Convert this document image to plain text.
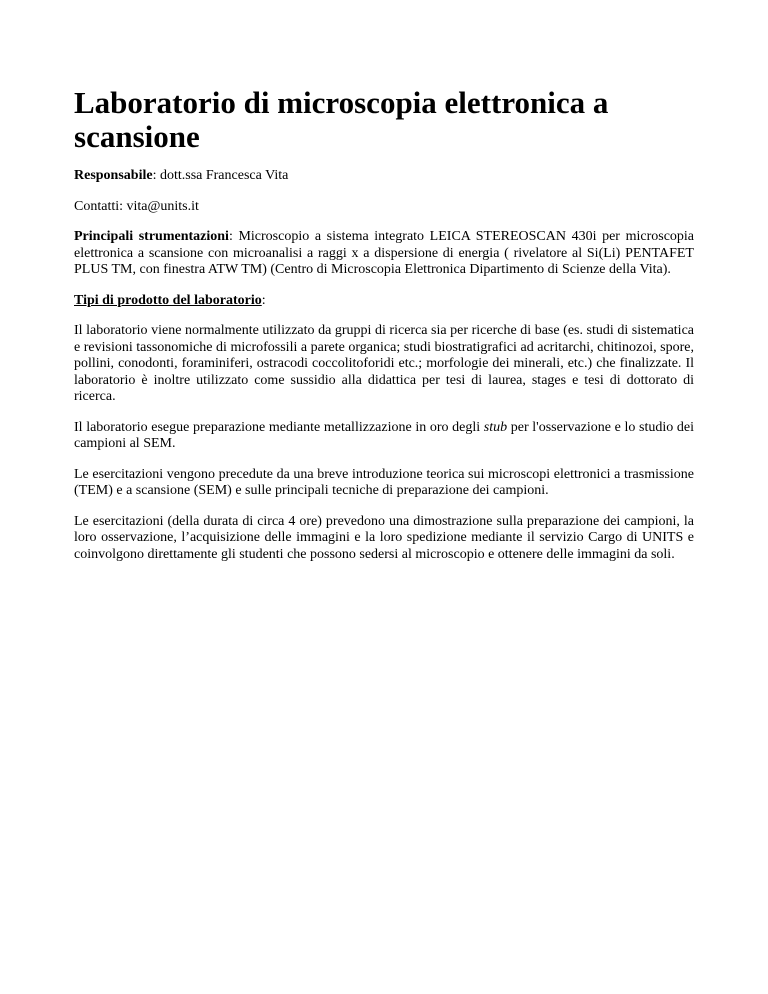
Laboratorio di microscopia elettronica a scansione

Responsabile: dott.ssa Francesca Vita

Contatti: vita@units.it

Principali strumentazioni: Microscopio a sistema integrato LEICA STEREOSCAN 430i per microscopia elettronica a scansione con microanalisi a raggi x a dispersione di energia ( rivelatore al Si(Li) PENTAFET PLUS TM, con finestra ATW TM) (Centro di Microscopia Elettronica Dipartimento di Scienze della Vita).

Tipi di prodotto del laboratorio:

Il laboratorio viene normalmente utilizzato da gruppi di ricerca sia per ricerche di base (es. studi di sistematica e revisioni tassonomiche di microfossili a parete organica; studi biostratigrafici ad acritarchi, chitinozoi, spore, pollini, conodonti, foraminiferi, ostracodi coccolitoforidi etc.; morfologie dei minerali, etc.) che finalizzate. Il laboratorio è inoltre utilizzato come sussidio alla didattica per tesi di laurea, stages e tesi di dottorato di ricerca.

Il laboratorio esegue preparazione mediante metallizzazione in oro degli stub per l'osservazione e lo studio dei campioni al SEM.

Le esercitazioni vengono precedute da una breve introduzione teorica sui microscopi elettronici a trasmissione (TEM) e a scansione (SEM) e sulle principali tecniche di preparazione dei campioni.

Le esercitazioni (della durata di circa 4 ore) prevedono una dimostrazione sulla preparazione dei campioni, la loro osservazione, l’acquisizione delle immagini e la loro spedizione mediante il servizio Cargo di UNITS e coinvolgono direttamente gli studenti che possono sedersi al microscopio e ottenere delle immagini da soli.
